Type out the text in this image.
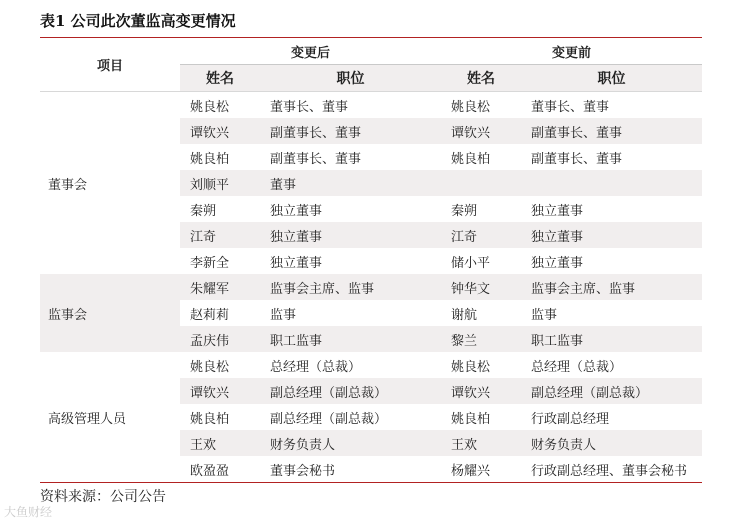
表1 公司此次董监高变更情况
项目	变更后		变更前	
	姓名	职位	姓名	职位
董事会	姚良松	董事长、董事	姚良松	董事长、董事
	谭钦兴	副董事长、董事	谭钦兴	副董事长、董事
	姚良柏	副董事长、董事	姚良柏	副董事长、董事
	刘顺平	董事		
	秦朔	独立董事	秦朔	独立董事
	江奇	独立董事	江奇	独立董事
	李新全	独立董事	储小平	独立董事
监事会	朱耀军	监事会主席、监事	钟华文	监事会主席、监事
	赵莉莉	监事	谢航	监事
	孟庆伟	职工监事	黎兰	职工监事
高级管理人员	姚良松	总经理（总裁）	姚良松	总经理（总裁）
	谭钦兴	副总经理（副总裁）	谭钦兴	副总经理（副总裁）
	姚良柏	副总经理（副总裁）	姚良柏	行政副总经理
	王欢	财务负责人	王欢	财务负责人
	欧盈盈	董事会秘书	杨耀兴	行政副总经理、董事会秘书
资料来源：公司公告
大鱼财经
